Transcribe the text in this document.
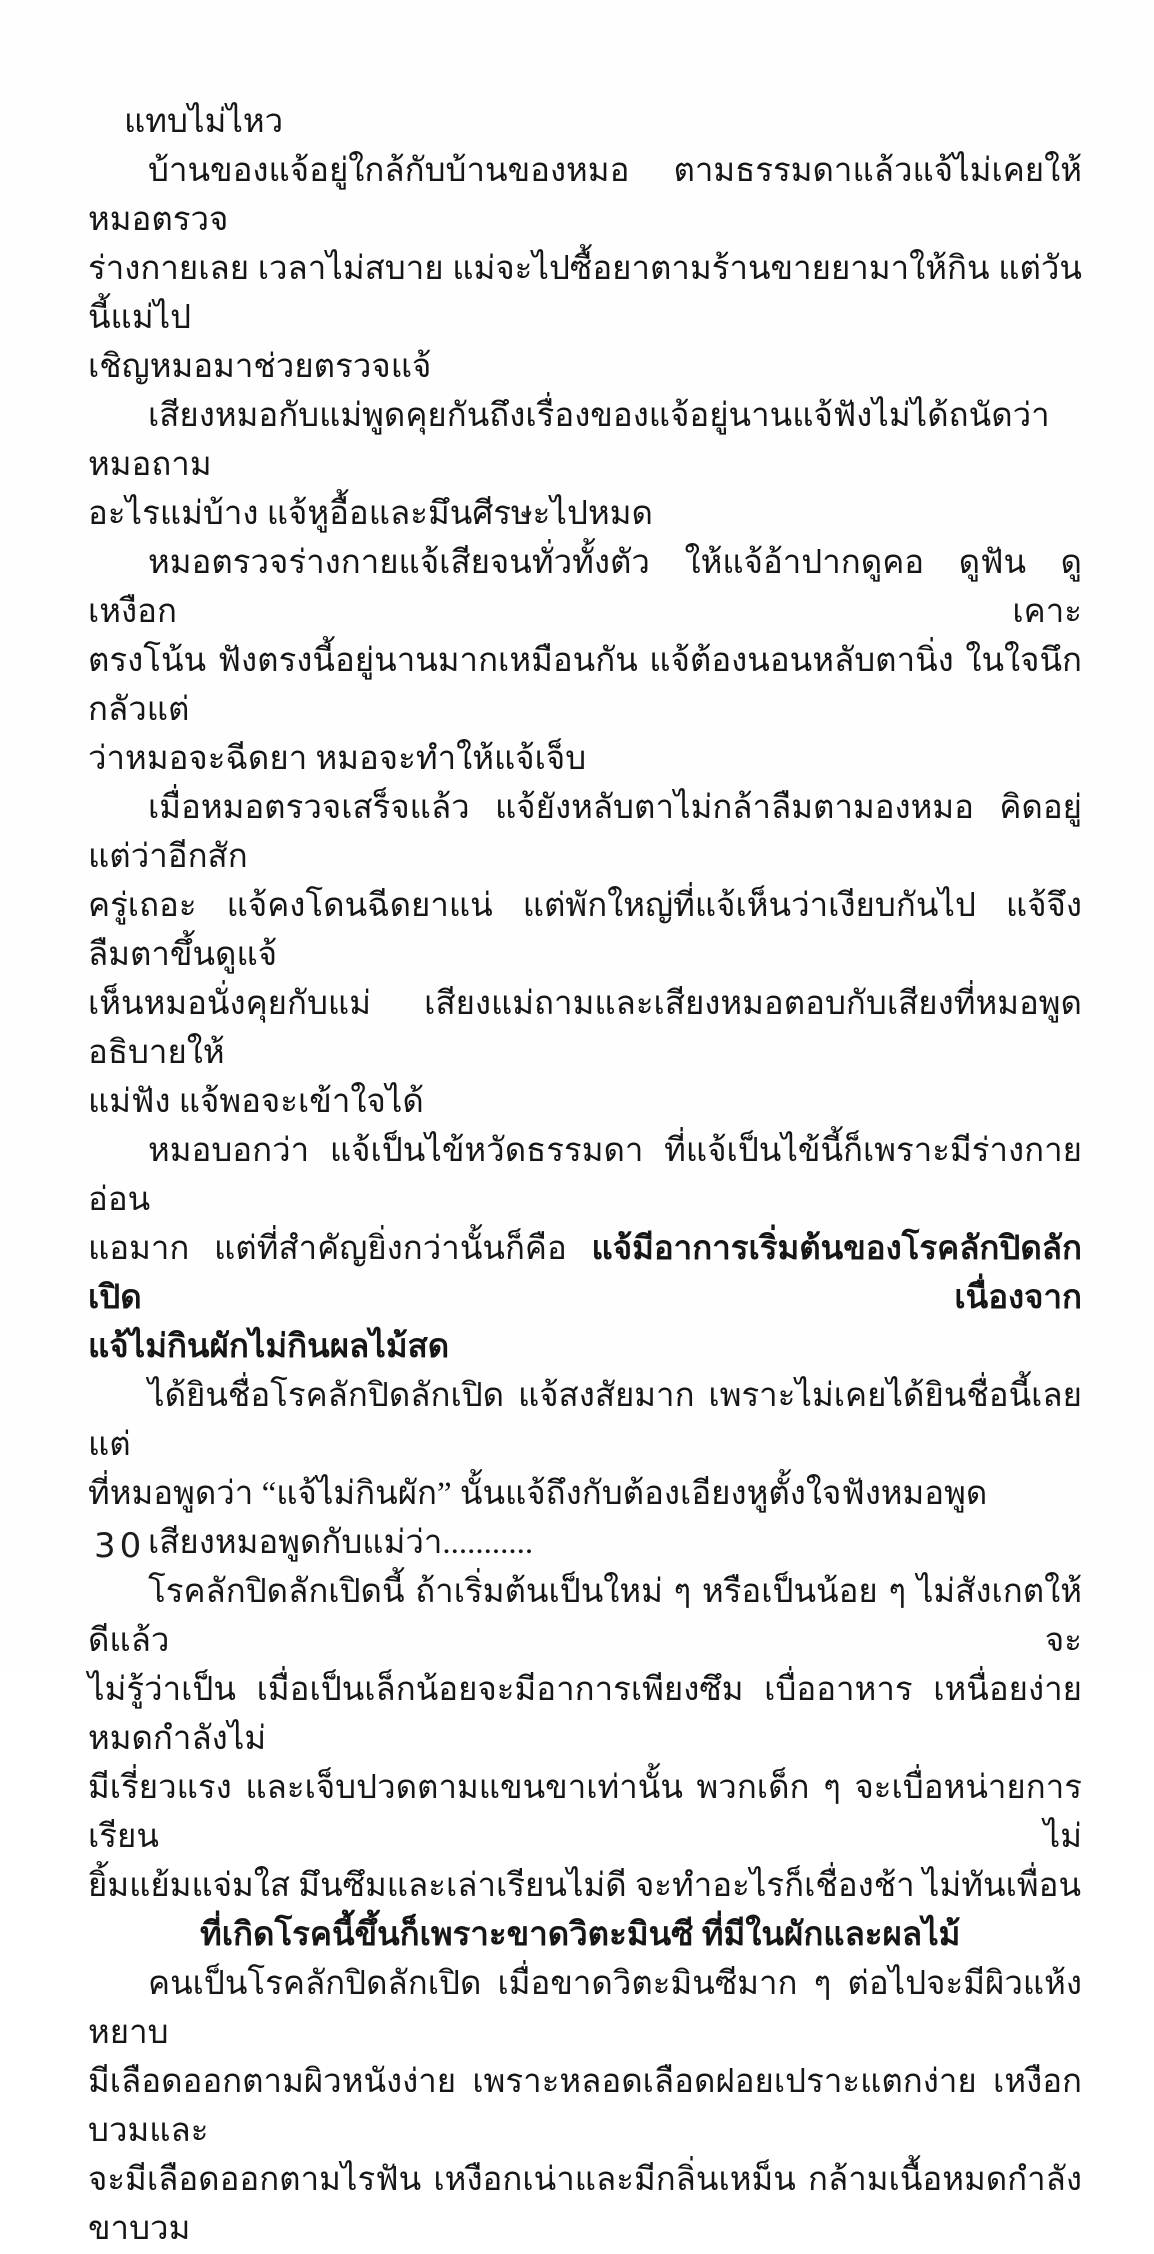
แทบไม่ไหว
บ้านของแจ้อยู่ใกล้กับบ้านของหมอ ตามธรรมดาแล้วแจ้ไม่เคยให้หมอตรวจ
ร่างกายเลย เวลาไม่สบาย แม่จะไปซื้อยาตามร้านขายยามาให้กิน แต่วันนี้แม่ไป
เชิญหมอมาช่วยตรวจแจ้
เสียงหมอกับแม่พูดคุยกันถึงเรื่องของแจ้อยู่นานแจ้ฟังไม่ได้ถนัดว่า หมอถาม
อะไรแม่บ้าง แจ้หูอื้อและมึนศีรษะไปหมด
หมอตรวจร่างกายแจ้เสียจนทั่วทั้งตัว ให้แจ้อ้าปากดูคอ ดูฟัน ดูเหงือก เคาะ
ตรงโน้น ฟังตรงนี้อยู่นานมากเหมือนกัน แจ้ต้องนอนหลับตานิ่ง ในใจนึกกลัวแต่
ว่าหมอจะฉีดยา หมอจะทำให้แจ้เจ็บ
เมื่อหมอตรวจเสร็จแล้ว แจ้ยังหลับตาไม่กล้าลืมตามองหมอ คิดอยู่แต่ว่าอีกสัก
ครู่เถอะ แจ้คงโดนฉีดยาแน่ แต่พักใหญ่ที่แจ้เห็นว่าเงียบกันไป แจ้จึงลืมตาขึ้นดูแจ้
เห็นหมอนั่งคุยกับแม่ เสียงแม่ถามและเสียงหมอตอบกับเสียงที่หมอพูดอธิบายให้
แม่ฟัง แจ้พอจะเข้าใจได้
หมอบอกว่า แจ้เป็นไข้หวัดธรรมดา ที่แจ้เป็นไข้นี้ก็เพราะมีร่างกายอ่อน
แอมาก แต่ที่สำคัญยิ่งกว่านั้นก็คือ แจ้มีอาการเริ่มต้นของโรคลักปิดลักเปิด เนื่องจาก
แจ้ไม่กินผักไม่กินผลไม้สด
ได้ยินชื่อโรคลักปิดลักเปิด แจ้สงสัยมาก เพราะไม่เคยได้ยินชื่อนี้เลย แต่
ที่หมอพูดว่า “แจ้ไม่กินผัก” นั้นแจ้ถึงกับต้องเอียงหูตั้งใจฟังหมอพูด
เสียงหมอพูดกับแม่ว่า...........
โรคลักปิดลักเปิดนี้ ถ้าเริ่มต้นเป็นใหม่ ๆ หรือเป็นน้อย ๆ ไม่สังเกตให้ดีแล้ว จะ
ไม่รู้ว่าเป็น เมื่อเป็นเล็กน้อยจะมีอาการเพียงซึม เบื่ออาหาร เหนื่อยง่าย หมดกำลังไม่
มีเรี่ยวแรง และเจ็บปวดตามแขนขาเท่านั้น พวกเด็ก ๆ จะเบื่อหน่ายการเรียน ไม่
ยิ้มแย้มแจ่มใส มึนซึมและเล่าเรียนไม่ดี จะทำอะไรก็เชื่องช้า ไม่ทันเพื่อน
ที่เกิดโรคนี้ขึ้นก็เพราะขาดวิตะมินซี ที่มีในผักและผลไม้
คนเป็นโรคลักปิดลักเปิด เมื่อขาดวิตะมินซีมาก ๆ ต่อไปจะมีผิวแห้งหยาบ
มีเลือดออกตามผิวหนังง่าย เพราะหลอดเลือดฝอยเปราะแตกง่าย เหงือกบวมและ
จะมีเลือดออกตามไรฟัน เหงือกเน่าและมีกลิ่นเหม็น กล้ามเนื้อหมดกำลัง ขาบวม
30
